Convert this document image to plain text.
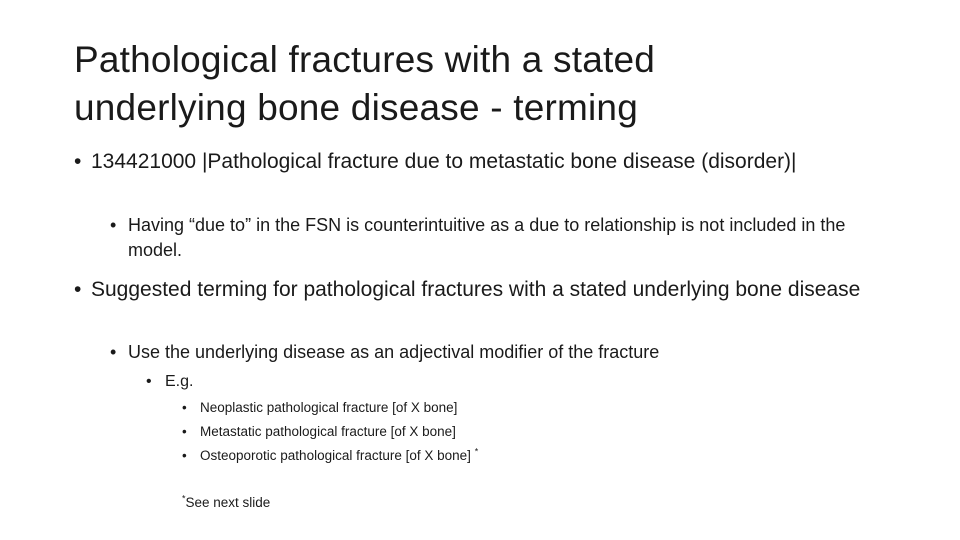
Pathological fractures with a stated
underlying bone disease - terming
• 134421000 |Pathological fracture due to metastatic bone disease (disorder)|
• Having “due to” in the FSN is counterintuitive as a due to relationship is not included in the model.
• Suggested terming for pathological fractures with a stated underlying bone disease
• Use the underlying disease as an adjectival modifier of the fracture
• E.g.
• Neoplastic pathological fracture [of X bone]
• Metastatic pathological fracture [of X bone]
• Osteoporotic pathological fracture [of X bone] *
*See next slide
